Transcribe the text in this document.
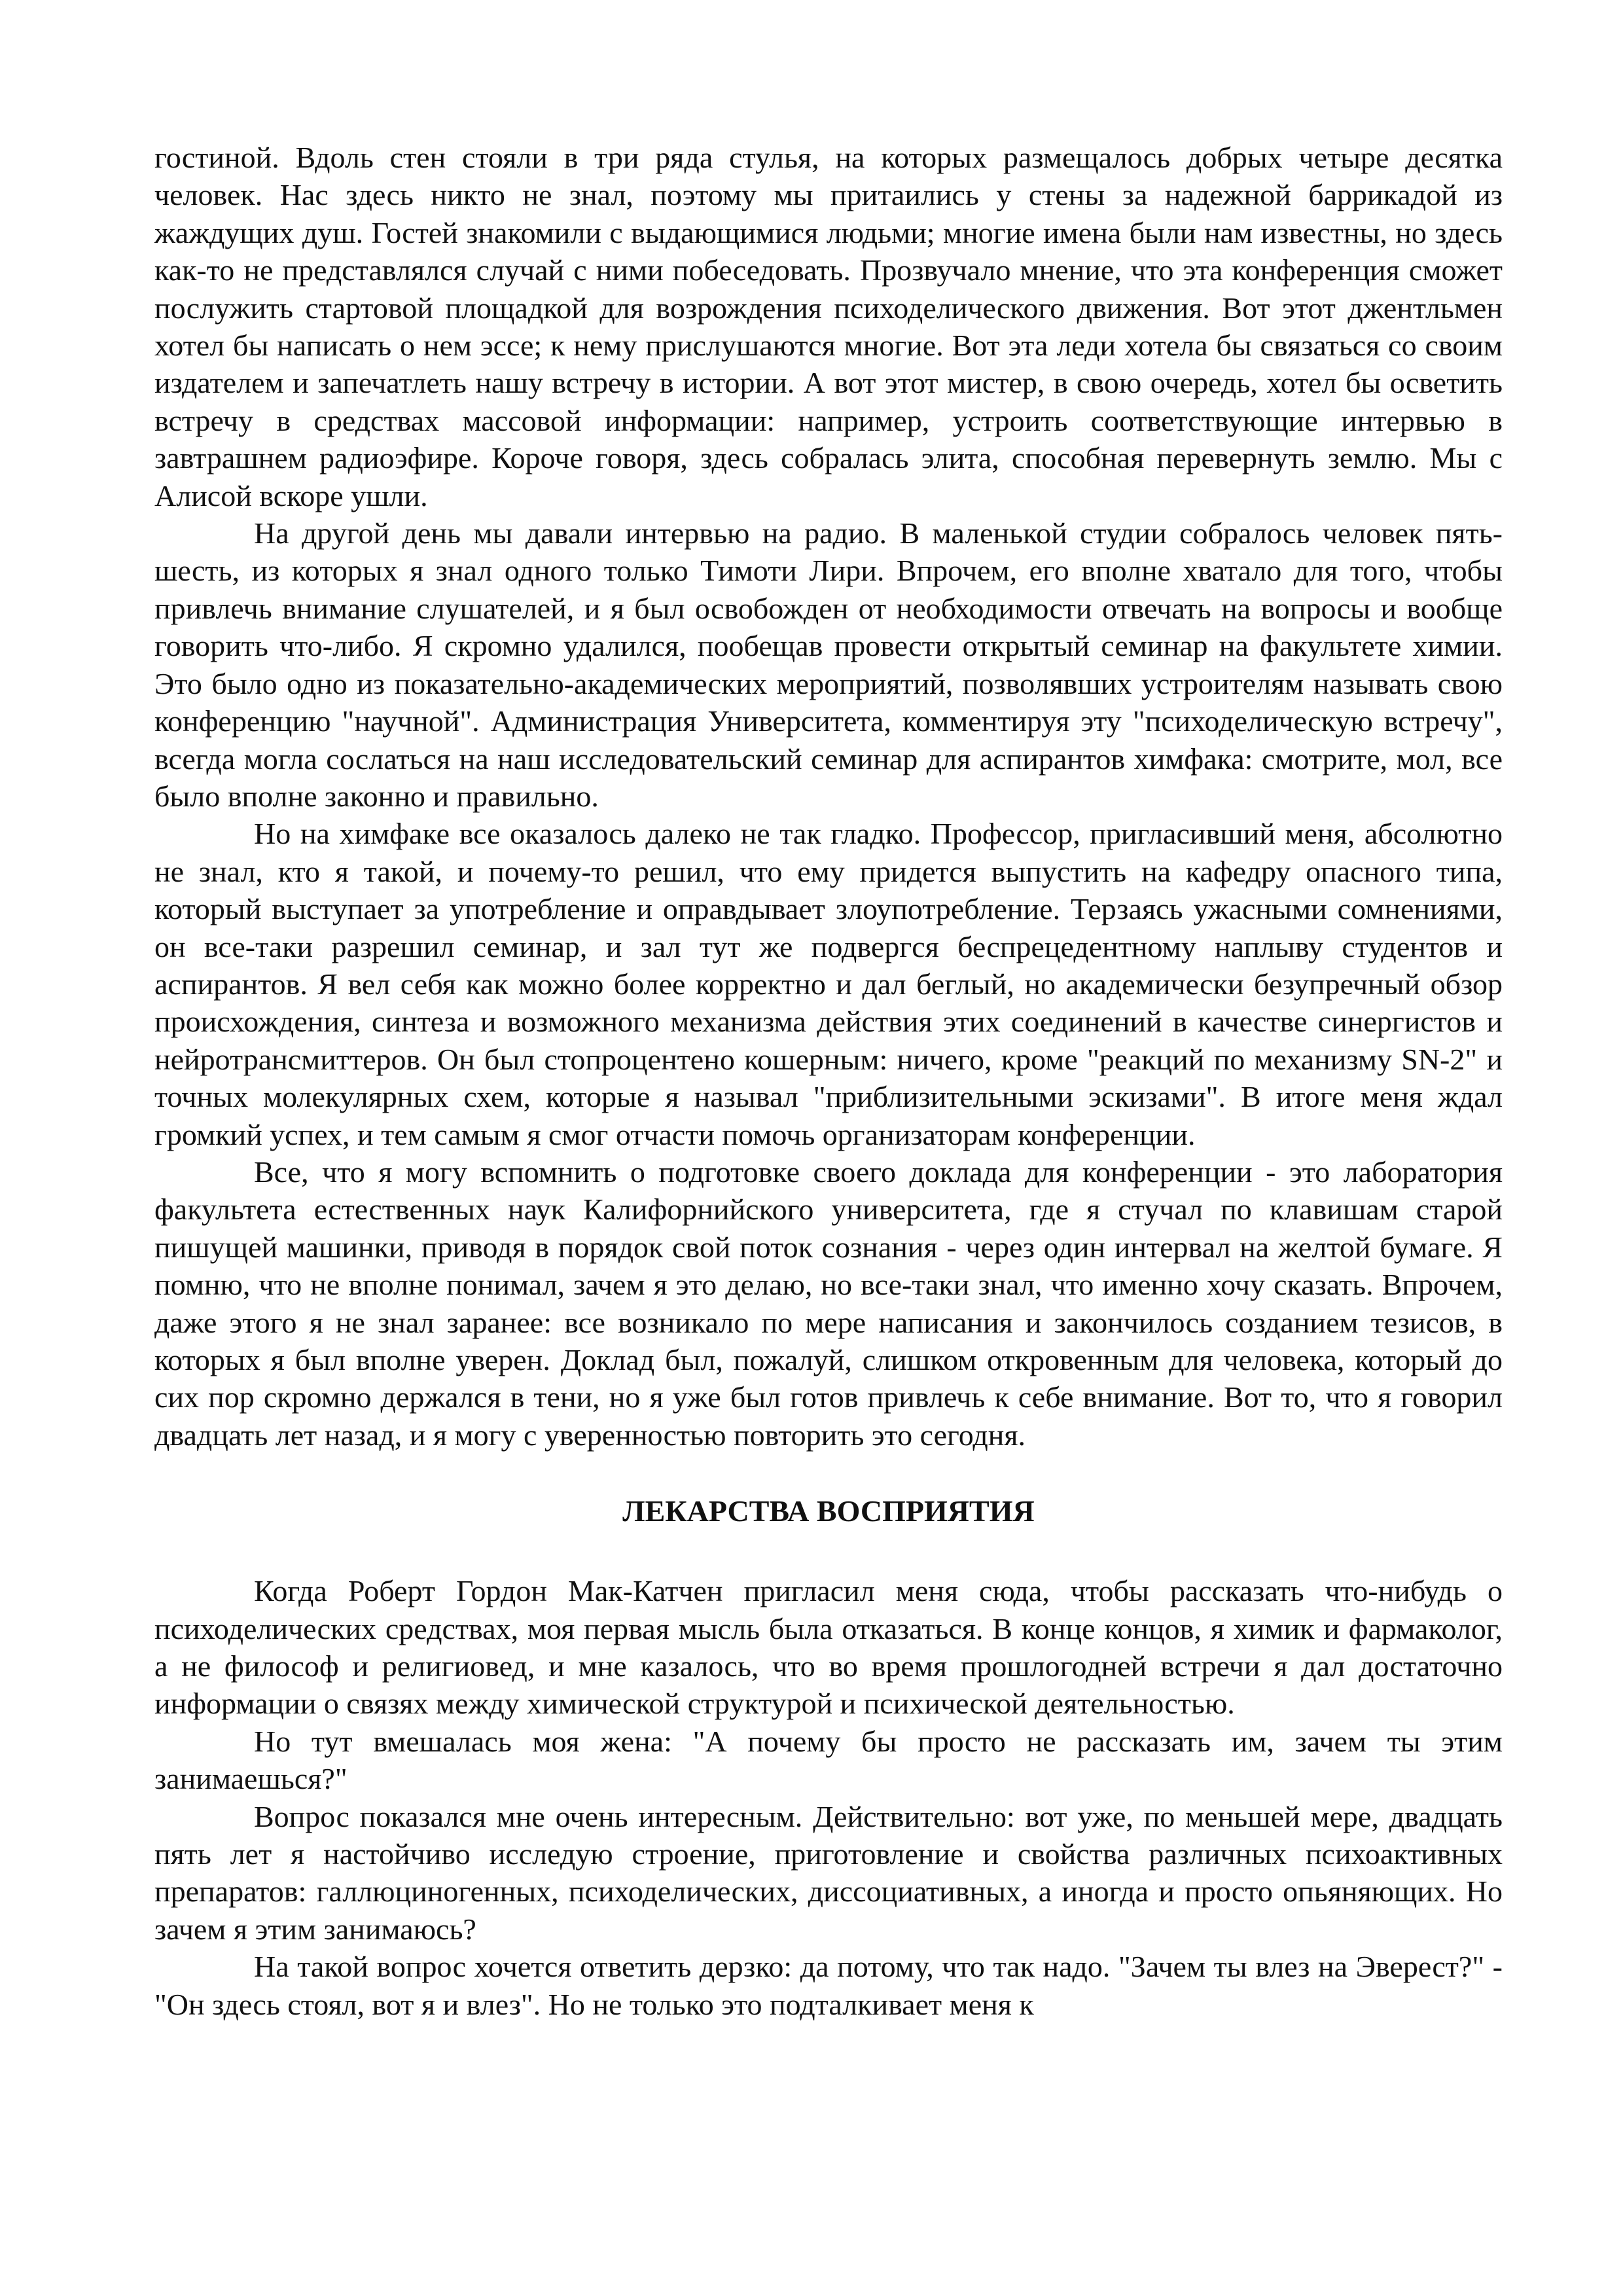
гостиной. Вдоль стен стояли в три ряда стулья, на которых размещалось добрых четыре десятка человек. Нас здесь никто не знал, поэтому мы притаились у стены за надежной баррикадой из жаждущих душ. Гостей знакомили с выдающимися людьми; многие имена были нам известны, но здесь как-то не представлялся случай с ними побеседовать. Прозвучало мнение, что эта конференция сможет послужить стартовой площадкой для возрождения психоделического движения. Вот этот джентльмен хотел бы написать о нем эссе; к нему прислушаются многие. Вот эта леди хотела бы связаться со своим издателем и запечатлеть нашу встречу в истории. А вот этот мистер, в свою очередь, хотел бы осветить встречу в средствах массовой информации: например, устроить соответствующие интервью в завтрашнем радиоэфире. Короче говоря, здесь собралась элита, способная перевернуть землю. Мы с Алисой вскоре ушли.

На другой день мы давали интервью на радио. В маленькой студии собралось человек пять-шесть, из которых я знал одного только Тимоти Лири. Впрочем, его вполне хватало для того, чтобы привлечь внимание слушателей, и я был освобожден от необходимости отвечать на вопросы и вообще говорить что-либо. Я скромно удалился, пообещав провести открытый семинар на факультете химии. Это было одно из показательно-академических мероприятий, позволявших устроителям называть свою конференцию "научной". Администрация Университета, комментируя эту "психоделическую встречу", всегда могла сослаться на наш исследовательский семинар для аспирантов химфака: смотрите, мол, все было вполне законно и правильно.

Но на химфаке все оказалось далеко не так гладко. Профессор, пригласивший меня, абсолютно не знал, кто я такой, и почему-то решил, что ему придется выпустить на кафедру опасного типа, который выступает за употребление и оправдывает злоупотребление. Терзаясь ужасными сомнениями, он все-таки разрешил семинар, и зал тут же подвергся беспрецедентному наплыву студентов и аспирантов. Я вел себя как можно более корректно и дал беглый, но академически безупречный обзор происхождения, синтеза и возможного механизма действия этих соединений в качестве синергистов и нейротрансмиттеров. Он был стопроцентено кошерным: ничего, кроме "реакций по механизму SN-2" и точных молекулярных схем, которые я называл "приблизительными эскизами". В итоге меня ждал громкий успех, и тем самым я смог отчасти помочь организаторам конференции.

Все, что я могу вспомнить о подготовке своего доклада для конференции - это лаборатория факультета естественных наук Калифорнийского университета, где я стучал по клавишам старой пишущей машинки, приводя в порядок свой поток сознания - через один интервал на желтой бумаге. Я помню, что не вполне понимал, зачем я это делаю, но все-таки знал, что именно хочу сказать. Впрочем, даже этого я не знал заранее: все возникало по мере написания и закончилось созданием тезисов, в которых я был вполне уверен. Доклад был, пожалуй, слишком откровенным для человека, который до сих пор скромно держался в тени, но я уже был готов привлечь к себе внимание. Вот то, что я говорил двадцать лет назад, и я могу с уверенностью повторить это сегодня.

ЛЕКАРСТВА ВОСПРИЯТИЯ

Когда Роберт Гордон Мак-Катчен пригласил меня сюда, чтобы рассказать что-нибудь о психоделических средствах, моя первая мысль была отказаться. В конце концов, я химик и фармаколог, а не философ и религиовед, и мне казалось, что во время прошлогодней встречи я дал достаточно информации о связях между химической структурой и психической деятельностью.

Но тут вмешалась моя жена: "А почему бы просто не рассказать им, зачем ты этим занимаешься?"

Вопрос показался мне очень интересным. Действительно: вот уже, по меньшей мере, двадцать пять лет я настойчиво исследую строение, приготовление и свойства различных психоактивных препаратов: галлюциногенных, психоделических, диссоциативных, а иногда и просто опьяняющих. Но зачем я этим занимаюсь?

На такой вопрос хочется ответить дерзко: да потому, что так надо. "Зачем ты влез на Эверест?" - "Он здесь стоял, вот я и влез". Но не только это подталкивает меня к
